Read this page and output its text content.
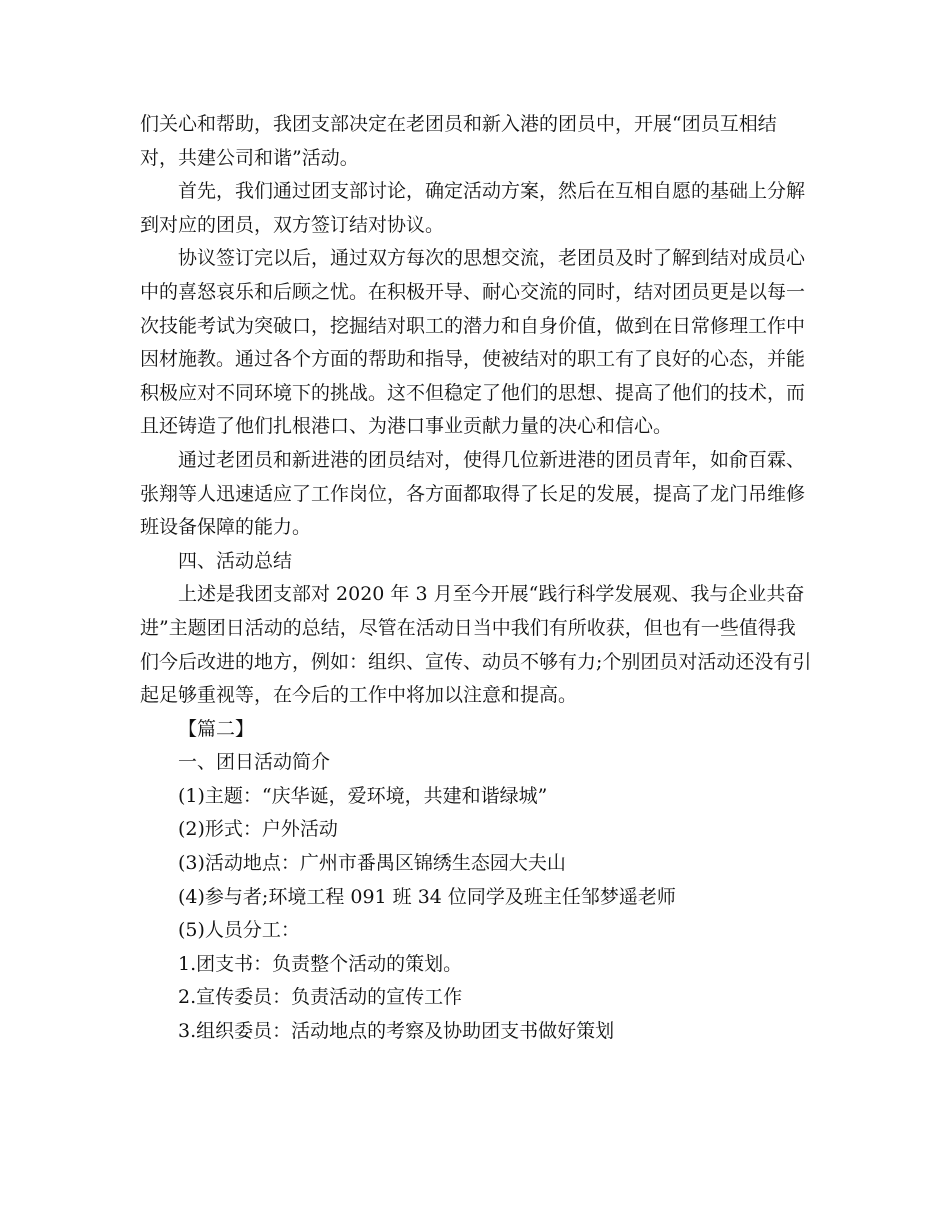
们关心和帮助，我团支部决定在老团员和新入港的团员中，开展“团员互相结对，共建公司和谐”活动。

首先，我们通过团支部讨论，确定活动方案，然后在互相自愿的基础上分解到对应的团员，双方签订结对协议。

协议签订完以后，通过双方每次的思想交流，老团员及时了解到结对成员心中的喜怒哀乐和后顾之忧。在积极开导、耐心交流的同时，结对团员更是以每一次技能考试为突破口，挖掘结对职工的潜力和自身价值，做到在日常修理工作中因材施教。通过各个方面的帮助和指导，使被结对的职工有了良好的心态，并能积极应对不同环境下的挑战。这不但稳定了他们的思想、提高了他们的技术，而且还铸造了他们扎根港口、为港口事业贡献力量的决心和信心。

通过老团员和新进港的团员结对，使得几位新进港的团员青年，如俞百霖、张翔等人迅速适应了工作岗位，各方面都取得了长足的发展，提高了龙门吊维修班设备保障的能力。

四、活动总结

上述是我团支部对 2020 年 3 月至今开展“践行科学发展观、我与企业共奋进”主题团日活动的总结，尽管在活动日当中我们有所收获，但也有一些值得我们今后改进的地方，例如：组织、宣传、动员不够有力;个别团员对活动还没有引起足够重视等，在今后的工作中将加以注意和提高。

【篇二】

一、团日活动简介

(1)主题：“庆华诞，爱环境，共建和谐绿城”

(2)形式：户外活动

(3)活动地点：广州市番禺区锦绣生态园大夫山

(4)参与者;环境工程 091 班 34 位同学及班主任邹梦遥老师

(5)人员分工：

1.团支书：负责整个活动的策划。

2.宣传委员：负责活动的宣传工作

3.组织委员：活动地点的考察及协助团支书做好策划
